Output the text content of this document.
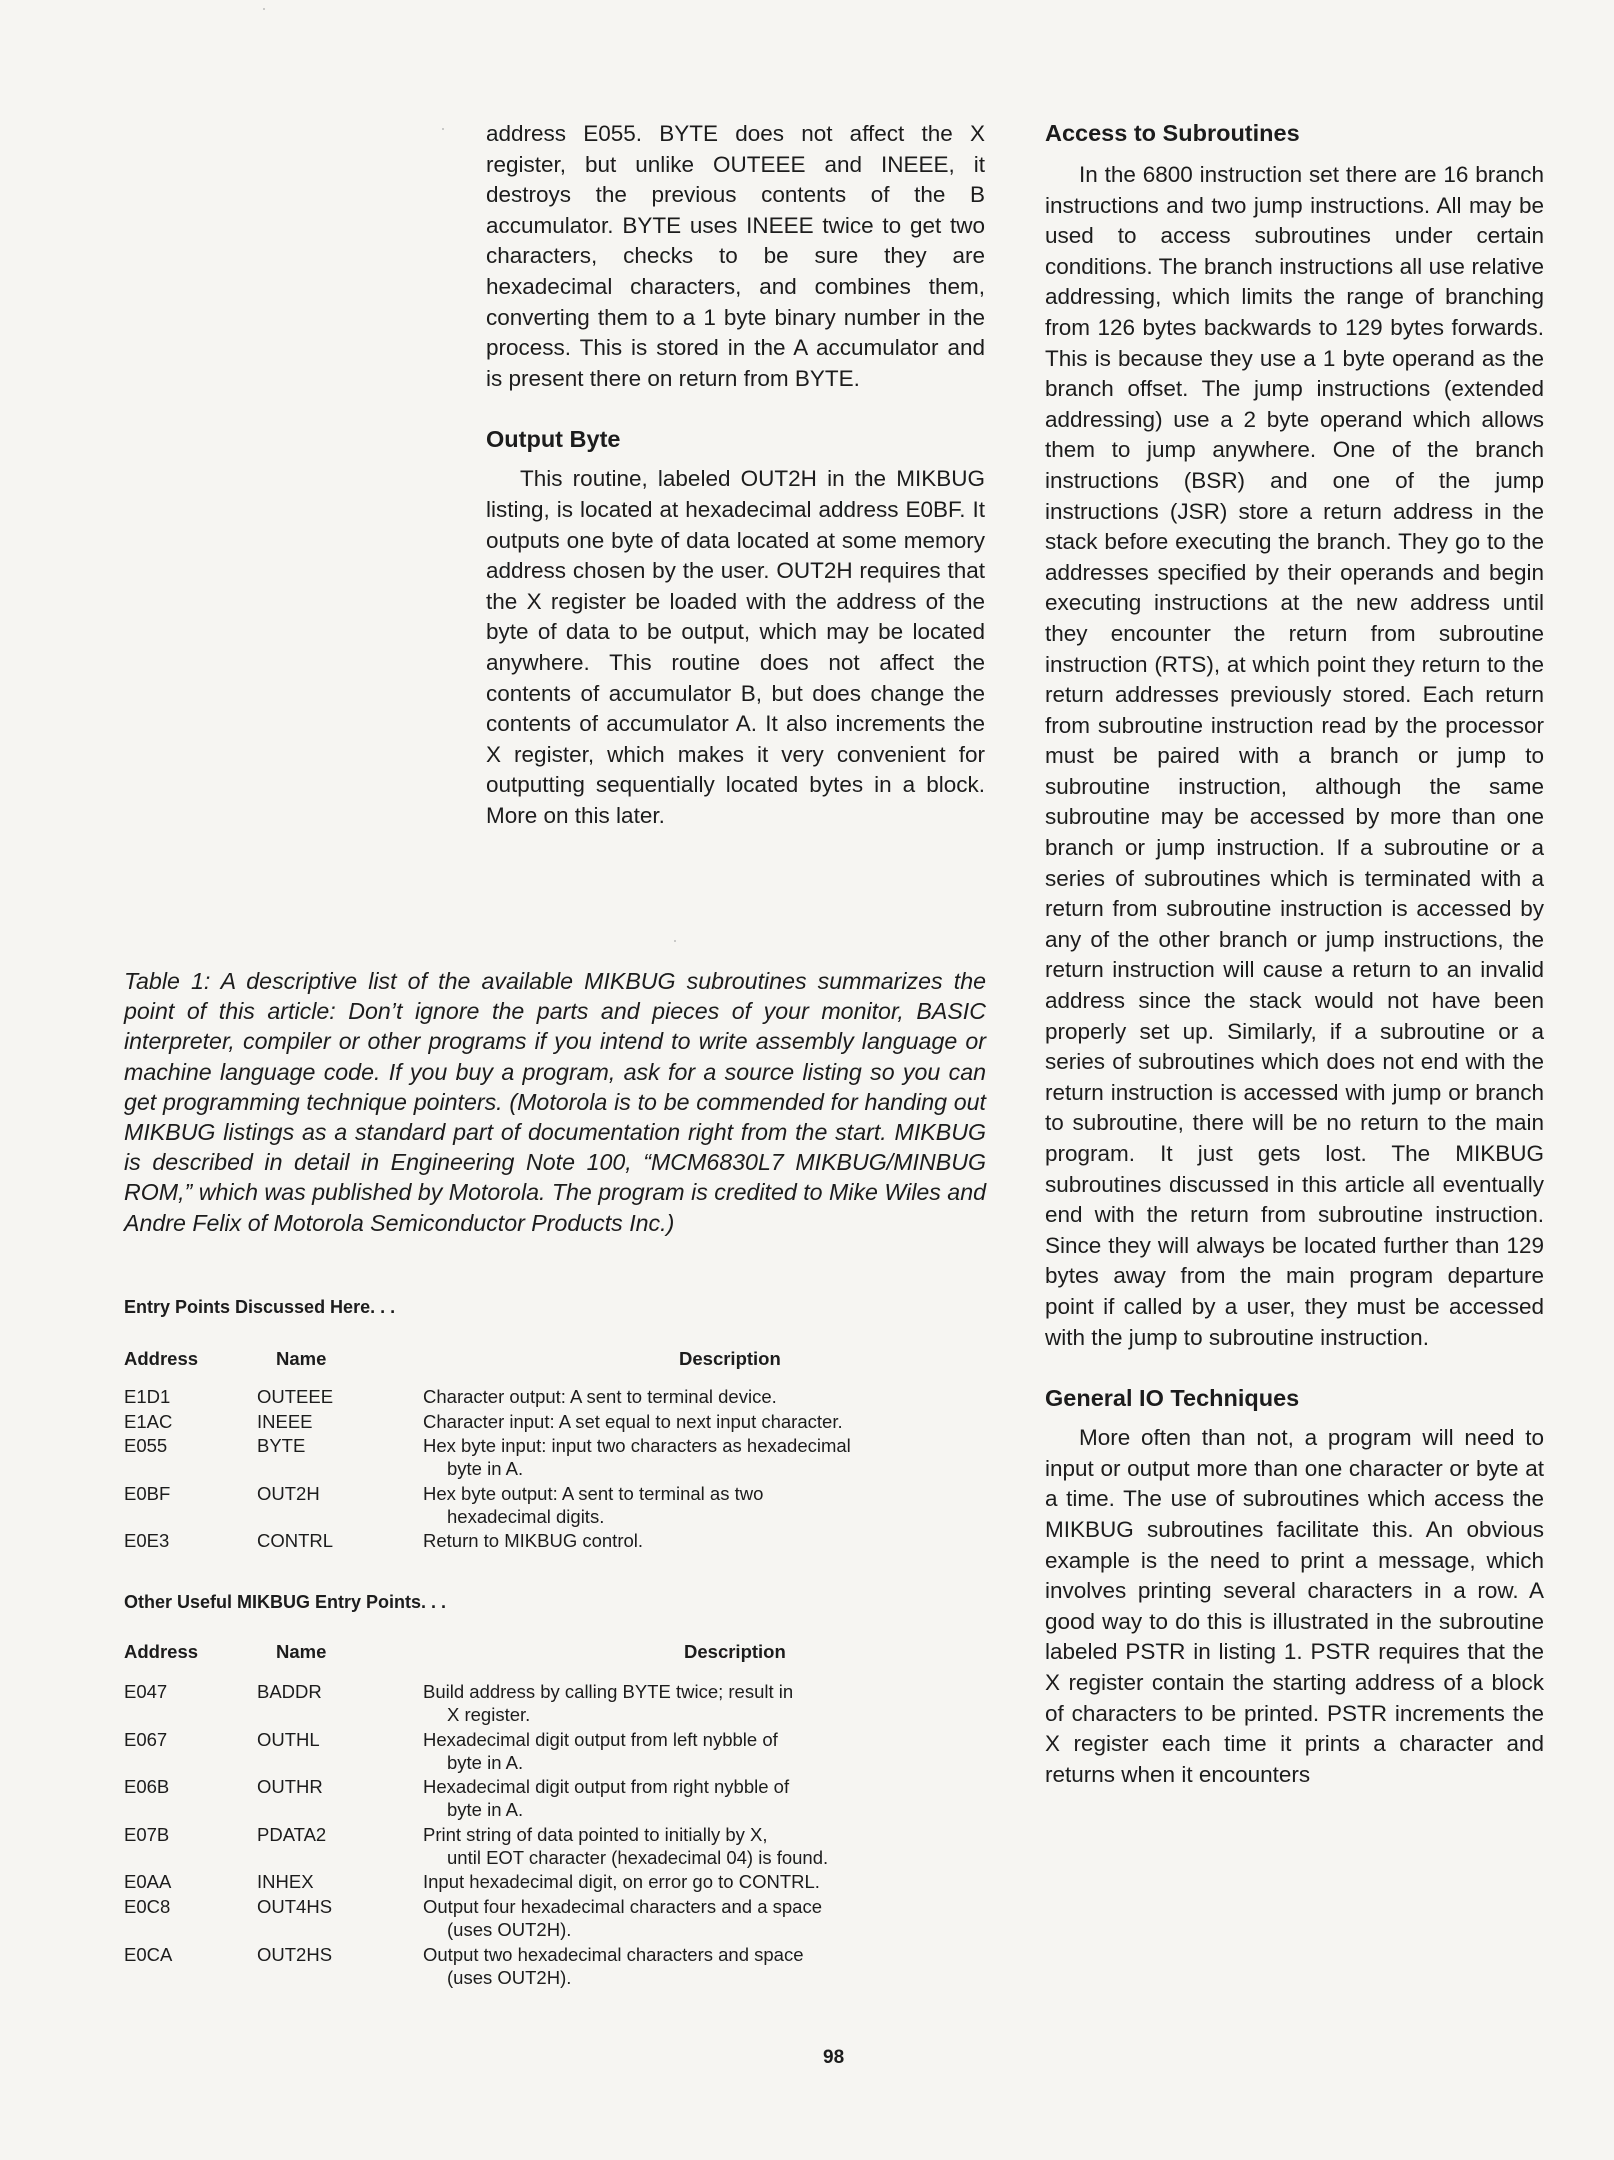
address E055. BYTE does not affect the X register, but unlike OUTEEE and INEEE, it destroys the previous contents of the B accumulator. BYTE uses INEEE twice to get two characters, checks to be sure they are hexadecimal characters, and combines them, converting them to a 1 byte binary number in the process. This is stored in the A accumulator and is present there on return from BYTE.

Output Byte

This routine, labeled OUT2H in the MIKBUG listing, is located at hexadecimal address E0BF. It outputs one byte of data located at some memory address chosen by the user. OUT2H requires that the X register be loaded with the address of the byte of data to be output, which may be located anywhere. This routine does not affect the contents of accumulator B, but does change the contents of accumulator A. It also increments the X register, which makes it very convenient for outputting sequentially located bytes in a block. More on this later.

Access to Subroutines

In the 6800 instruction set there are 16 branch instructions and two jump instructions. All may be used to access subroutines under certain conditions. The branch instructions all use relative addressing, which limits the range of branching from 126 bytes backwards to 129 bytes forwards. This is because they use a 1 byte operand as the branch offset. The jump instructions (extended addressing) use a 2 byte operand which allows them to jump anywhere. One of the branch instructions (BSR) and one of the jump instructions (JSR) store a return address in the stack before executing the branch. They go to the addresses specified by their operands and begin executing instructions at the new address until they encounter the return from subroutine instruction (RTS), at which point they return to the return addresses previously stored. Each return from subroutine instruction read by the processor must be paired with a branch or jump to subroutine instruction, although the same subroutine may be accessed by more than one branch or jump instruction. If a subroutine or a series of subroutines which is terminated with a return from subroutine instruction is accessed by any of the other branch or jump instructions, the return instruction will cause a return to an invalid address since the stack would not have been properly set up. Similarly, if a subroutine or a series of subroutines which does not end with the return instruction is accessed with jump or branch to subroutine, there will be no return to the main program. It just gets lost. The MIKBUG subroutines discussed in this article all eventually end with the return from subroutine instruction. Since they will always be located further than 129 bytes away from the main program departure point if called by a user, they must be accessed with the jump to subroutine instruction.

General IO Techniques

More often than not, a program will need to input or output more than one character or byte at a time. The use of subroutines which access the MIKBUG subroutines facilitate this. An obvious example is the need to print a message, which involves printing several characters in a row. A good way to do this is illustrated in the subroutine labeled PSTR in listing 1. PSTR requires that the X register contain the starting address of a block of characters to be printed. PSTR increments the X register each time it prints a character and returns when it encounters

Table 1: A descriptive list of the available MIKBUG subroutines summarizes the point of this article: Don’t ignore the parts and pieces of your monitor, BASIC interpreter, compiler or other programs if you intend to write assembly language or machine language code. If you buy a program, ask for a source listing so you can get programming technique pointers. (Motorola is to be commended for handing out MIKBUG listings as a standard part of documentation right from the start. MIKBUG is described in detail in Engineering Note 100, “MCM6830L7 MIKBUG/MINBUG ROM,” which was published by Motorola. The program is credited to Mike Wiles and Andre Felix of Motorola Semiconductor Products Inc.)

Entry Points Discussed Here. . .
Address	Name	Description
E1D1	OUTEEE	Character output: A sent to terminal device.
E1AC	INEEE	Character input: A set equal to next input character.
E055	BYTE	Hex byte input: input two characters as hexadecimal
byte in A.
E0BF	OUT2H	Hex byte output: A sent to terminal as two
hexadecimal digits.
E0E3	CONTRL	Return to MIKBUG control.
Other Useful MIKBUG Entry Points. . .
Address	Name	Description
E047	BADDR	Build address by calling BYTE twice; result in
X register.
E067	OUTHL	Hexadecimal digit output from left nybble of
byte in A.
E06B	OUTHR	Hexadecimal digit output from right nybble of
byte in A.
E07B	PDATA2	Print string of data pointed to initially by X,
until EOT character (hexadecimal 04) is found.
E0AA	INHEX	Input hexadecimal digit, on error go to CONTRL.
E0C8	OUT4HS	Output four hexadecimal characters and a space
(uses OUT2H).
E0CA	OUT2HS	Output two hexadecimal characters and space
(uses OUT2H).
98
